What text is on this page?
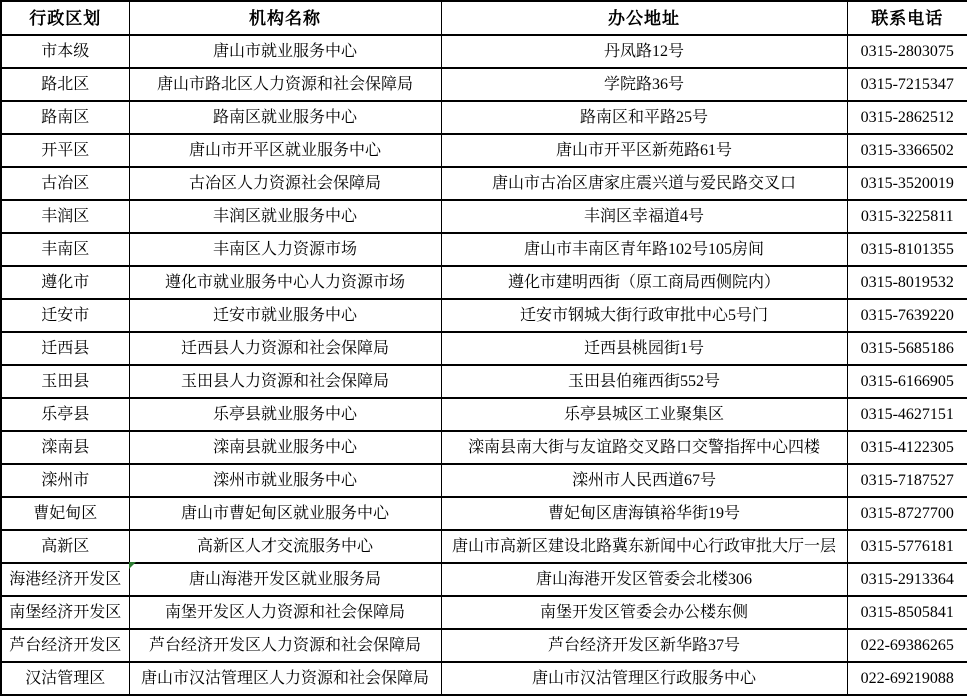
行政区划	机构名称	办公地址	联系电话
市本级	唐山市就业服务中心	丹凤路12号	0315-2803075
路北区	唐山市路北区人力资源和社会保障局	学院路36号	0315-7215347
路南区	路南区就业服务中心	路南区和平路25号	0315-2862512
开平区	唐山市开平区就业服务中心	唐山市开平区新苑路61号	0315-3366502
古冶区	古冶区人力资源社会保障局	唐山市古冶区唐家庄震兴道与爱民路交叉口	0315-3520019
丰润区	丰润区就业服务中心	丰润区幸福道4号	0315-3225811
丰南区	丰南区人力资源市场	唐山市丰南区青年路102号105房间	0315-8101355
遵化市	遵化市就业服务中心人力资源市场	遵化市建明西街（原工商局西侧院内）	0315-8019532
迁安市	迁安市就业服务中心	迁安市钢城大街行政审批中心5号门	0315-7639220
迁西县	迁西县人力资源和社会保障局	迁西县桃园街1号	0315-5685186
玉田县	玉田县人力资源和社会保障局	玉田县伯雍西街552号	0315-6166905
乐亭县	乐亭县就业服务中心	乐亭县城区工业聚集区	0315-4627151
滦南县	滦南县就业服务中心	滦南县南大街与友谊路交叉路口交警指挥中心四楼	0315-4122305
滦州市	滦州市就业服务中心	滦州市人民西道67号	0315-7187527
曹妃甸区	唐山市曹妃甸区就业服务中心	曹妃甸区唐海镇裕华街19号	0315-8727700
高新区	高新区人才交流服务中心	唐山市高新区建设北路冀东新闻中心行政审批大厅一层	0315-5776181
海港经济开发区	唐山海港开发区就业服务局	唐山海港开发区管委会北楼306	0315-2913364
南堡经济开发区	南堡开发区人力资源和社会保障局	南堡开发区管委会办公楼东侧	0315-8505841
芦台经济开发区	芦台经济开发区人力资源和社会保障局	芦台经济开发区新华路37号	022-69386265
汉沽管理区	唐山市汉沽管理区人力资源和社会保障局	唐山市汉沽管理区行政服务中心	022-69219088
